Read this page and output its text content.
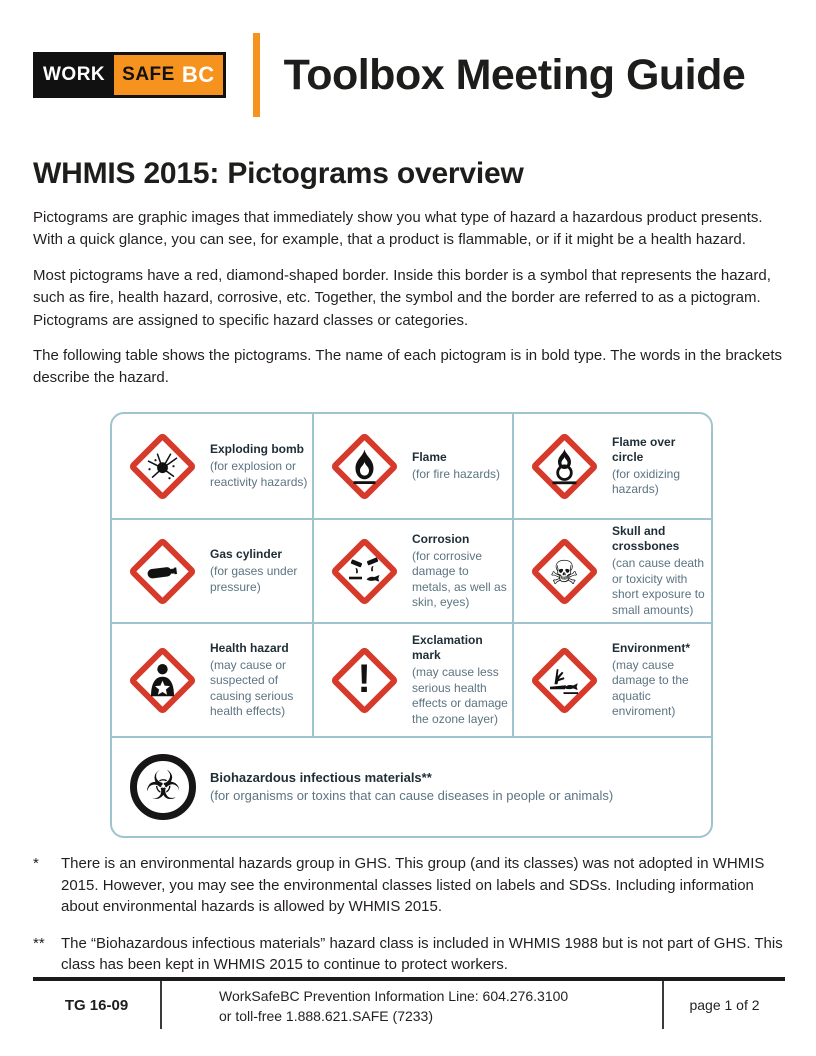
WORK SAFE BC Toolbox Meeting Guide
WHMIS 2015: Pictograms overview

Pictograms are graphic images that immediately show you what type of hazard a hazardous product presents. With a quick glance, you can see, for example, that a product is flammable, or if it might be a health hazard.

Most pictograms have a red, diamond-shaped border. Inside this border is a symbol that represents the hazard, such as fire, health hazard, corrosive, etc. Together, the symbol and the border are referred to as a pictogram. Pictograms are assigned to specific hazard classes or categories.

The following table shows the pictograms. The name of each pictogram is in bold type. The words in the brackets describe the hazard.

Exploding bomb
(for explosion or reactivity hazards)
Flame
(for fire hazards)
Flame over circle
(for oxidizing hazards)
Gas cylinder
(for gases under pressure)
Corrosion
(for corrosive damage to metals, as well as skin, eyes)
☠
Skull and crossbones
(can cause death or toxicity with short exposure to small amounts)
Health hazard
(may cause or suspected of causing serious health effects)
!
Exclamation mark
(may cause less serious health effects or damage the ozone layer)
Environment*
(may cause damage to the aquatic enviroment)
☣ Biohazardous infectious materials**
(for organisms or toxins that can cause diseases in people or animals)
*	There is an environmental hazards group in GHS. This group (and its classes) was not adopted in WHMIS 2015. However, you may see the environmental classes listed on labels and SDSs. Including information about environmental hazards is allowed by WHMIS 2015.
**	The “Biohazardous infectious materials” hazard class is included in WHMIS 1988 but is not part of GHS. This class has been kept in WHMIS 2015 to continue to protect workers.
TG 16-09
WorkSafeBC Prevention Information Line: 604.276.3100
or toll-free 1.888.621.SAFE (7233)
page 1 of 2
